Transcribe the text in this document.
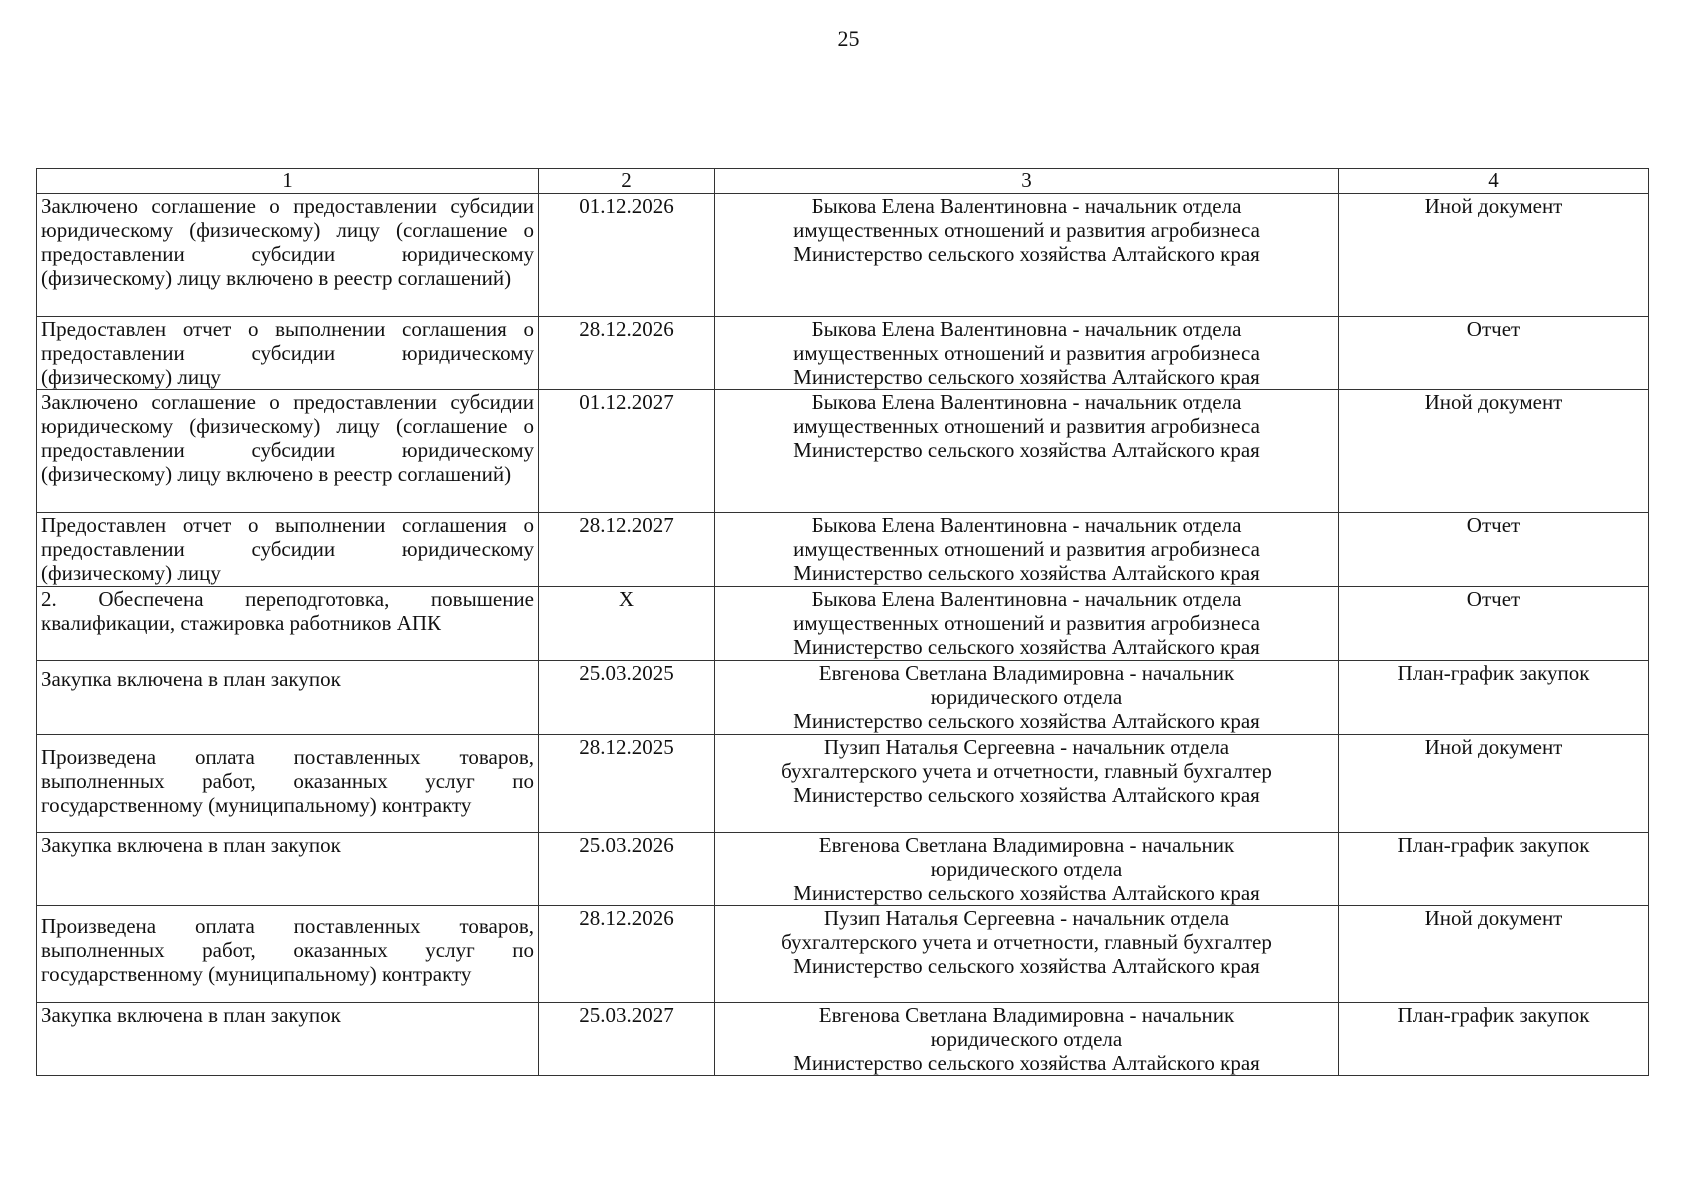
25
1	2	3	4
Заключено соглашение о предоставлении субсидии юридическому (физическому) лицу (соглашение о предоставлении субсидии юридическому (физическому) лицу включено в реестр соглашений)	01.12.2026	Быкова Елена Валентиновна - начальник отдела
имущественных отношений и развития агробизнеса
Министерство сельского хозяйства Алтайского края	Иной документ
Предоставлен отчет о выполнении соглашения о предоставлении субсидии юридическому (физическому) лицу	28.12.2026	Быкова Елена Валентиновна - начальник отдела
имущественных отношений и развития агробизнеса
Министерство сельского хозяйства Алтайского края	Отчет
Заключено соглашение о предоставлении субсидии юридическому (физическому) лицу (соглашение о предоставлении субсидии юридическому (физическому) лицу включено в реестр соглашений)	01.12.2027	Быкова Елена Валентиновна - начальник отдела
имущественных отношений и развития агробизнеса
Министерство сельского хозяйства Алтайского края	Иной документ
Предоставлен отчет о выполнении соглашения о предоставлении субсидии юридическому (физическому) лицу	28.12.2027	Быкова Елена Валентиновна - начальник отдела
имущественных отношений и развития агробизнеса
Министерство сельского хозяйства Алтайского края	Отчет
2. Обеспечена переподготовка, повышение квалификации, стажировка работников АПК	Х	Быкова Елена Валентиновна - начальник отдела
имущественных отношений и развития агробизнеса
Министерство сельского хозяйства Алтайского края	Отчет
Закупка включена в план закупок	25.03.2025	Евгенова Светлана Владимировна - начальник
юридического отдела
Министерство сельского хозяйства Алтайского края	План-график закупок
Произведена оплата поставленных товаров, выполненных работ, оказанных услуг по государственному (муниципальному) контракту	28.12.2025	Пузип Наталья Сергеевна - начальник отдела
бухгалтерского учета и отчетности, главный бухгалтер
Министерство сельского хозяйства Алтайского края	Иной документ
Закупка включена в план закупок	25.03.2026	Евгенова Светлана Владимировна - начальник
юридического отдела
Министерство сельского хозяйства Алтайского края	План-график закупок
Произведена оплата поставленных товаров, выполненных работ, оказанных услуг по государственному (муниципальному) контракту	28.12.2026	Пузип Наталья Сергеевна - начальник отдела
бухгалтерского учета и отчетности, главный бухгалтер
Министерство сельского хозяйства Алтайского края	Иной документ
Закупка включена в план закупок	25.03.2027	Евгенова Светлана Владимировна - начальник
юридического отдела
Министерство сельского хозяйства Алтайского края	План-график закупок
